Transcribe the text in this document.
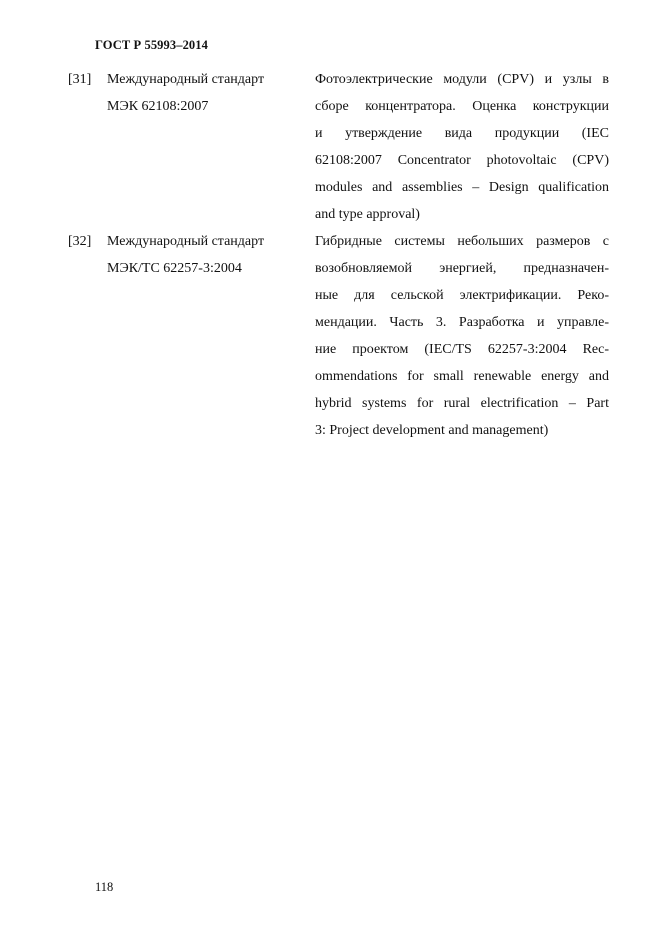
ГОСТ Р 55993–2014
[31]	Международный стандарт
МЭК 62108:2007
Фотоэлектрические модули (CPV) и узлы в
сборе концентратора. Оценка конструкции
и утверждение вида продукции (IEC
62108:2007 Concentrator photovoltaic (CPV)
modules and assemblies – Design qualification
and type approval)
[32]	Международный стандарт
МЭК/ТС 62257-3:2004
Гибридные системы небольших размеров с
возобновляемой энергией, предназначен-
ные для сельской электрификации. Реко-
мендации. Часть 3. Разработка и управле-
ние проектом (IEC/TS 62257-3:2004 Rec-
ommendations for small renewable energy and
hybrid systems for rural electrification – Part
3: Project development and management)
118
